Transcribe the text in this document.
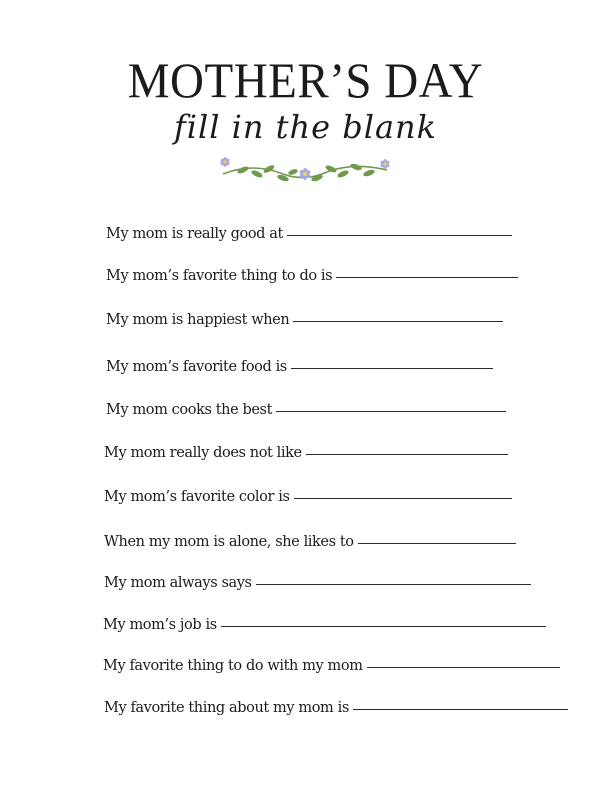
MOTHER’S DAY
fill in the blank
My mom is really good at
My mom’s favorite thing to do is
My mom is happiest when
My mom’s favorite food is
My mom cooks the best
My mom really does not like
My mom’s favorite color is
When my mom is alone, she likes to
My mom always says
My mom’s job is
My favorite thing to do with my mom
My favorite thing about my mom is
